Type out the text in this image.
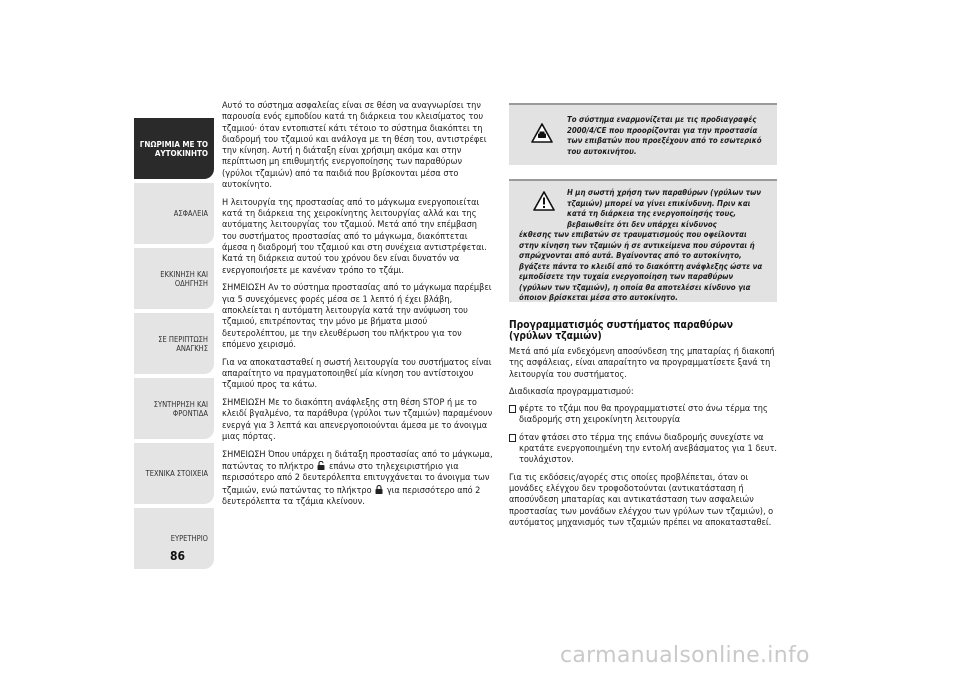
ΓΝΩΡΙΜΙΑ ΜΕ ΤΟ
ΑΥΤΟΚΙΝΗΤΟ
ΑΣΦΑΛΕΙΑ
ΕΚΚΙΝΗΣΗ ΚΑΙ
ΟΔΗΓΗΣΗ
ΣΕ ΠΕΡΙΠΤΩΣΗ
ΑΝΑΓΚΗΣ
ΣΥΝΤΗΡΗΣΗ ΚΑΙ
ΦΡΟΝΤΙΔΑ
ΤΕΧΝΙΚΑ ΣΤΟΙΧΕΙΑ
ΕΥΡΕΤΗΡΙΟ
86

Αυτό το σύστημα ασφαλείας είναι σε θέση να αναγνωρίσει την παρουσία ενός εμποδίου κατά τη διάρκεια του κλεισίματος του τζαμιού· όταν εντοπιστεί κάτι τέτοιο το σύστημα διακόπτει τη διαδρομή του τζαμιού και ανάλογα με τη θέση του, αντιστρέφει την κίνηση. Αυτή η διάταξη είναι χρήσιμη ακόμα και στην περίπτωση μη επιθυμητής ενεργοποίησης των παραθύρων (γρύλοι τζαμιών) από τα παιδιά που βρίσκονται μέσα στο αυτοκίνητο.

Η λειτουργία της προστασίας από το μάγκωμα ενεργοποιείται κατά τη διάρκεια της χειροκίνητης λειτουργίας αλλά και της αυτόματης λειτουργίας του τζαμιού. Μετά από την επέμβαση του συστήματος προστασίας από το μάγκωμα, διακόπτεται άμεσα η διαδρομή του τζαμιού και στη συνέχεια αντιστρέφεται. Κατά τη διάρκεια αυτού του χρόνου δεν είναι δυνατόν να ενεργοποιήσετε με κανέναν τρόπο το τζάμι.

ΣΗΜΕΙΩΣΗ Αν το σύστημα προστασίας από το μάγκωμα παρέμβει για 5 συνεχόμενες φορές μέσα σε 1 λεπτό ή έχει βλάβη, αποκλείεται η αυτόματη λειτουργία κατά την ανύψωση του τζαμιού, επιτρέποντας την μόνο με βήματα μισού δευτερολέπτου, με την ελευθέρωση του πλήκτρου για τον επόμενο χειρισμό.

Για να αποκατασταθεί η σωστή λειτουργία του συστήματος είναι απαραίτητο να πραγματοποιηθεί μία κίνηση του αντίστοιχου τζαμιού προς τα κάτω.

ΣΗΜΕΙΩΣΗ Με το διακόπτη ανάφλεξης στη θέση STOP ή με το κλειδί βγαλμένο, τα παράθυρα (γρύλοι των τζαμιών) παραμένουν ενεργά για 3 λεπτά και απενεργοποιούνται άμεσα με το άνοιγμα μιας πόρτας.

ΣΗΜΕΙΩΣΗ Όπου υπάρχει η διάταξη προστασίας από το μάγκωμα, πατώντας το πλήκτρο επάνω στο τηλεχειριστήριο για περισσότερο από 2 δευτερόλεπτα επιτυγχάνεται το άνοιγμα των τζαμιών, ενώ πατώντας το πλήκτρο για περισσότερο από 2 δευτερόλεπτα τα τζάμια κλείνουν.

Το σύστημα εναρμονίζεται με τις προδιαγραφές 2000/4/CE που προορίζονται για την προστασία των επιβατών που προεξέχουν από το εσωτερικό του αυτοκινήτου.
Η μη σωστή χρήση των παραθύρων (γρύλων των τζαμιών) μπορεί να γίνει επικίνδυνη. Πριν και κατά τη διάρκεια της ενεργοποίησής τους, βεβαιωθείτε ότι δεν υπάρχει κίνδυνος
έκθεσης των επιβατών σε τραυματισμούς που οφείλονται στην κίνηση των τζαμιών ή σε αντικείμενα που σύρονται ή σπρώχνονται από αυτά. Βγαίνοντας από το αυτοκίνητο, βγάζετε πάντα το κλειδί από το διακόπτη ανάφλεξης ώστε να εμποδίσετε την τυχαία ενεργοποίηση των παραθύρων (γρύλων των τζαμιών), η οποία θα αποτελέσει κίνδυνο για όποιον βρίσκεται μέσα στο αυτοκίνητο.
Προγραμματισμός συστήματος παραθύρων (γρύλων τζαμιών)

Μετά από μία ενδεχόμενη αποσύνδεση της μπαταρίας ή διακοπή της ασφάλειας, είναι απαραίτητο να προγραμματίσετε ξανά τη λειτουργία του συστήματος.

Διαδικασία προγραμματισμού:

φέρτε το τζάμι που θα προγραμματιστεί στο άνω τέρμα της διαδρομής στη χειροκίνητη λειτουργία
όταν φτάσει στο τέρμα της επάνω διαδρομής συνεχίστε να κρατάτε ενεργοποιημένη την εντολή ανεβάσματος για 1 δευτ. τουλάχιστον.

Για τις εκδόσεις/αγορές στις οποίες προβλέπεται, όταν οι μονάδες ελέγχου δεν τροφοδοτούνται (αντικατάσταση ή αποσύνδεση μπαταρίας και αντικατάσταση των ασφαλειών προστασίας των μονάδων ελέγχου των γρύλων των τζαμιών), ο αυτόματος μηχανισμός των τζαμιών πρέπει να αποκατασταθεί.

carmanualsonline.info
